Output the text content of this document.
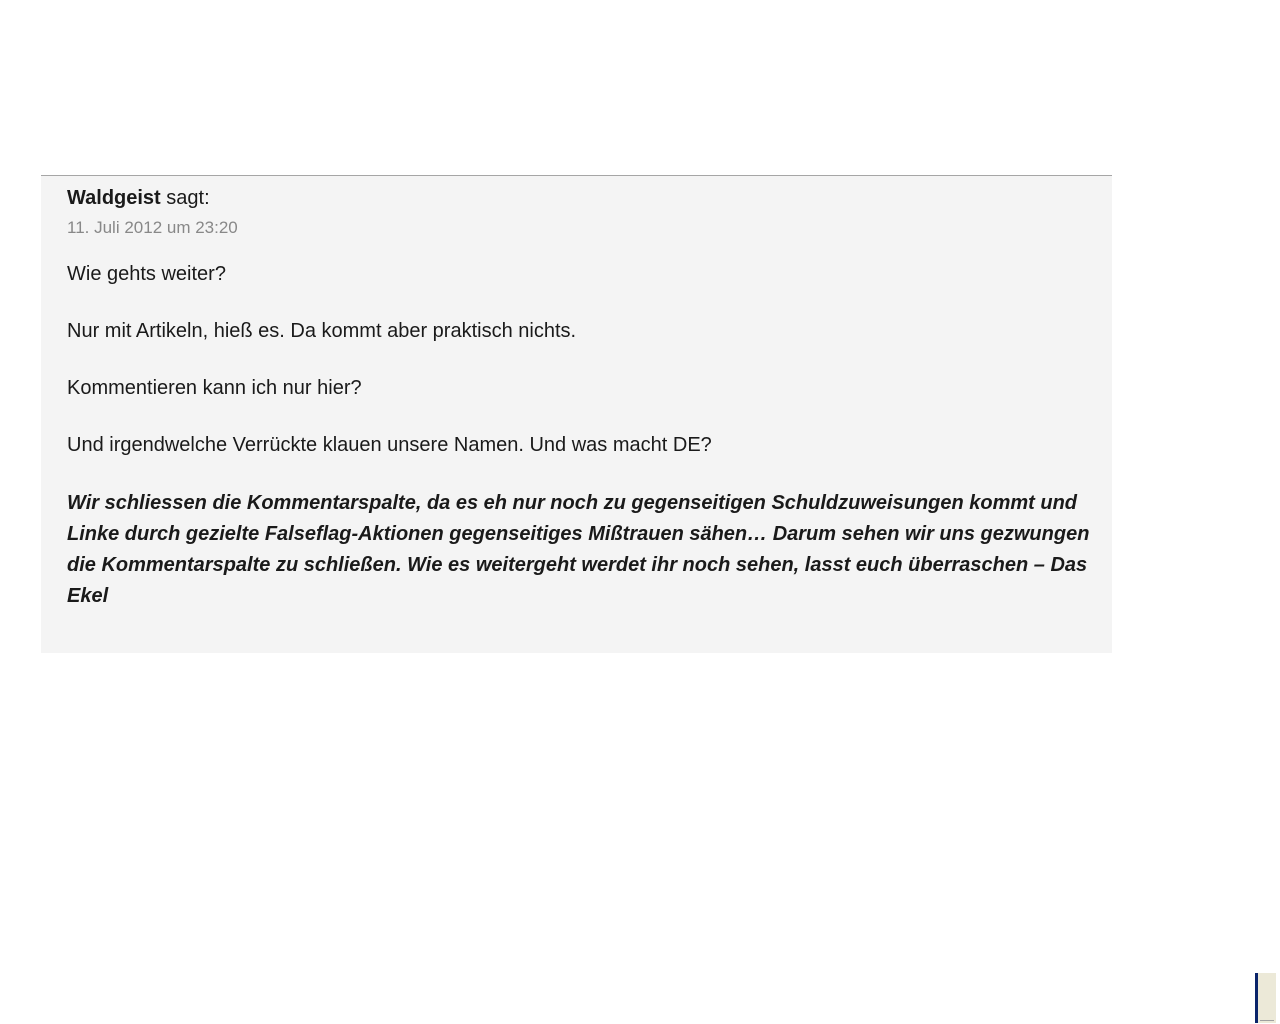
Waldgeist sagt:
11. Juli 2012 um 23:20

Wie gehts weiter?

Nur mit Artikeln, hieß es. Da kommt aber praktisch nichts.

Kommentieren kann ich nur hier?

Und irgendwelche Verrückte klauen unsere Namen. Und was macht DE?

Wir schliessen die Kommentarspalte, da es eh nur noch zu gegenseitigen Schuldzuweisungen kommt und Linke durch gezielte Falseflag-Aktionen gegenseitiges Mißtrauen sähen… Darum sehen wir uns gezwungen die Kommentarspalte zu schließen. Wie es weitergeht werdet ihr noch sehen, lasst euch überraschen – Das Ekel
